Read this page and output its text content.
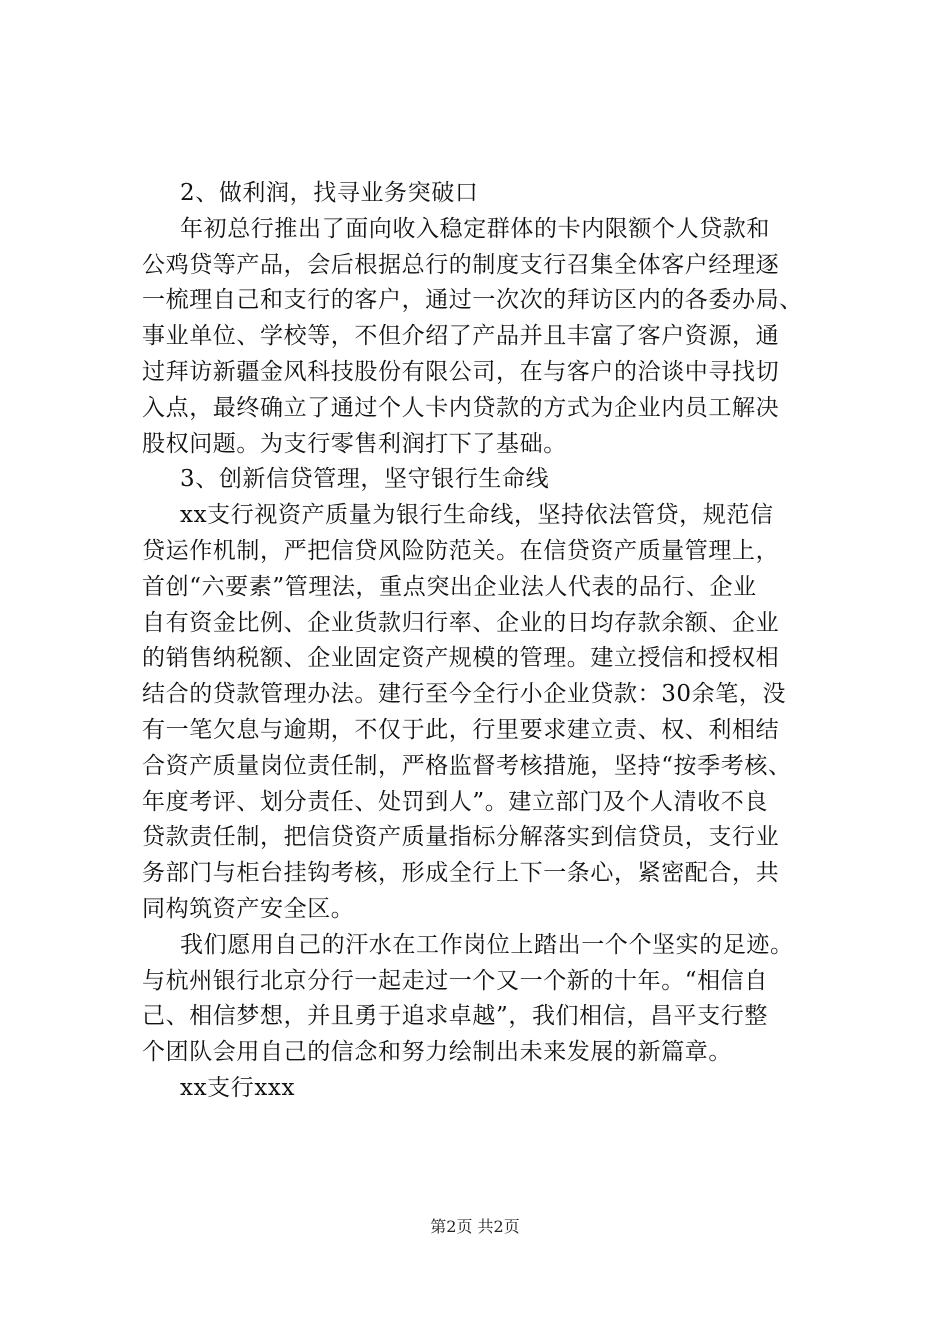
2、做利润，找寻业务突破口
年初总行推出了面向收入稳定群体的卡内限额个人贷款和
公鸡贷等产品，会后根据总行的制度支行召集全体客户经理逐
一梳理自己和支行的客户，通过一次次的拜访区内的各委办局、
事业单位、学校等，不但介绍了产品并且丰富了客户资源，通
过拜访新疆金风科技股份有限公司，在与客户的洽谈中寻找切
入点，最终确立了通过个人卡内贷款的方式为企业内员工解决
股权问题。为支行零售利润打下了基础。
3、创新信贷管理，坚守银行生命线
xx支行视资产质量为银行生命线，坚持依法管贷，规范信
贷运作机制，严把信贷风险防范关。在信贷资产质量管理上，
首创“六要素”管理法，重点突出企业法人代表的品行、企业
自有资金比例、企业货款归行率、企业的日均存款余额、企业
的销售纳税额、企业固定资产规模的管理。建立授信和授权相
结合的贷款管理办法。建行至今全行小企业贷款：30余笔，没
有一笔欠息与逾期，不仅于此，行里要求建立责、权、利相结
合资产质量岗位责任制，严格监督考核措施，坚持“按季考核、
年度考评、划分责任、处罚到人”。建立部门及个人清收不良
贷款责任制，把信贷资产质量指标分解落实到信贷员，支行业
务部门与柜台挂钩考核，形成全行上下一条心，紧密配合，共
同构筑资产安全区。
我们愿用自己的汗水在工作岗位上踏出一个个坚实的足迹。
与杭州银行北京分行一起走过一个又一个新的十年。“相信自
己、相信梦想，并且勇于追求卓越”，我们相信，昌平支行整
个团队会用自己的信念和努力绘制出未来发展的新篇章。
xx支行xxx
第2页 共2页
